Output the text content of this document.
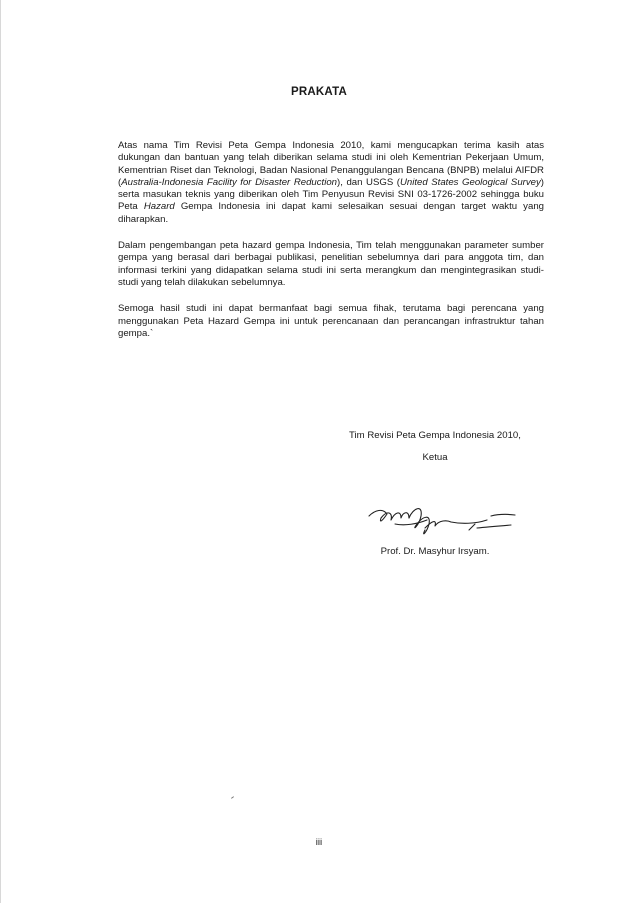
PRAKATA

Atas nama Tim Revisi Peta Gempa Indonesia 2010, kami mengucapkan terima kasih atas dukungan dan bantuan yang telah diberikan selama studi ini oleh Kementrian Pekerjaan Umum, Kementrian Riset dan Teknologi, Badan Nasional Penanggulangan Bencana (BNPB) melalui AIFDR (Australia-Indonesia Facility for Disaster Reduction), dan USGS (United States Geological Survey) serta masukan teknis yang diberikan oleh Tim Penyusun Revisi SNI 03-1726-2002 sehingga buku Peta Hazard Gempa Indonesia ini dapat kami selesaikan sesuai dengan target waktu yang diharapkan.

Dalam pengembangan peta hazard gempa Indonesia, Tim telah menggunakan parameter sumber gempa yang berasal dari berbagai publikasi, penelitian sebelumnya dari para anggota tim, dan informasi terkini yang didapatkan selama studi ini serta merangkum dan mengintegrasikan studi-studi yang telah dilakukan sebelumnya.

Semoga hasil studi ini dapat bermanfaat bagi semua fihak, terutama bagi perencana yang menggunakan Peta Hazard Gempa ini untuk perencanaan dan perancangan infrastruktur tahan gempa.`

Tim Revisi Peta Gempa Indonesia 2010,
Ketua
Prof. Dr. Masyhur Irsyam.
iii
